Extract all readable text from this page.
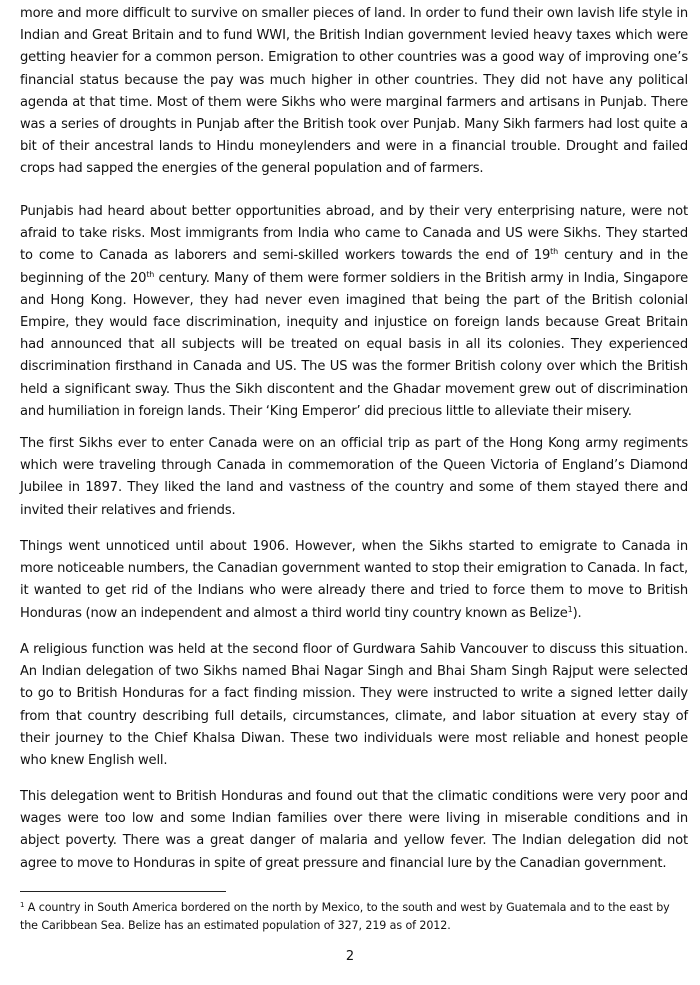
more and more difficult to survive on smaller pieces of land. In order to fund their own lavish life style in Indian and Great Britain and to fund WWI, the British Indian government levied heavy taxes which were getting heavier for a common person. Emigration to other countries was a good way of improving one’s financial status because the pay was much higher in other countries. They did not have any political agenda at that time. Most of them were Sikhs who were marginal farmers and artisans in Punjab. There was a series of droughts in Punjab after the British took over Punjab. Many Sikh farmers had lost quite a bit of their ancestral lands to Hindu moneylenders and were in a financial trouble. Drought and failed crops had sapped the energies of the general population and of farmers.

Punjabis had heard about better opportunities abroad, and by their very enterprising nature, were not afraid to take risks. Most immigrants from India who came to Canada and US were Sikhs. They started to come to Canada as laborers and semi-skilled workers towards the end of 19th century and in the beginning of the 20th century. Many of them were former soldiers in the British army in India, Singapore and Hong Kong. However, they had never even imagined that being the part of the British colonial Empire, they would face discrimination, inequity and injustice on foreign lands because Great Britain had announced that all subjects will be treated on equal basis in all its colonies. They experienced discrimination firsthand in Canada and US. The US was the former British colony over which the British held a significant sway. Thus the Sikh discontent and the Ghadar movement grew out of discrimination and humiliation in foreign lands. Their ‘King Emperor’ did precious little to alleviate their misery.

The first Sikhs ever to enter Canada were on an official trip as part of the Hong Kong army regiments which were traveling through Canada in commemoration of the Queen Victoria of England’s Diamond Jubilee in 1897. They liked the land and vastness of the country and some of them stayed there and invited their relatives and friends.

Things went unnoticed until about 1906. However, when the Sikhs started to emigrate to Canada in more noticeable numbers, the Canadian government wanted to stop their emigration to Canada. In fact, it wanted to get rid of the Indians who were already there and tried to force them to move to British Honduras (now an independent and almost a third world tiny country known as Belize$^1$).

A religious function was held at the second floor of Gurdwara Sahib Vancouver to discuss this situation. An Indian delegation of two Sikhs named Bhai Nagar Singh and Bhai Sham Singh Rajput were selected to go to British Honduras for a fact finding mission. They were instructed to write a signed letter daily from that country describing full details, circumstances, climate, and labor situation at every stay of their journey to the Chief Khalsa Diwan. These two individuals were most reliable and honest people who knew English well.

This delegation went to British Honduras and found out that the climatic conditions were very poor and wages were too low and some Indian families over there were living in miserable conditions and in abject poverty. There was a great danger of malaria and yellow fever. The Indian delegation did not agree to move to Honduras in spite of great pressure and financial lure by the Canadian government.

$^1$ A country in South America bordered on the north by Mexico, to the south and west by Guatemala and to the east by the Caribbean Sea. Belize has an estimated population of 327, 219 as of 2012.

2
